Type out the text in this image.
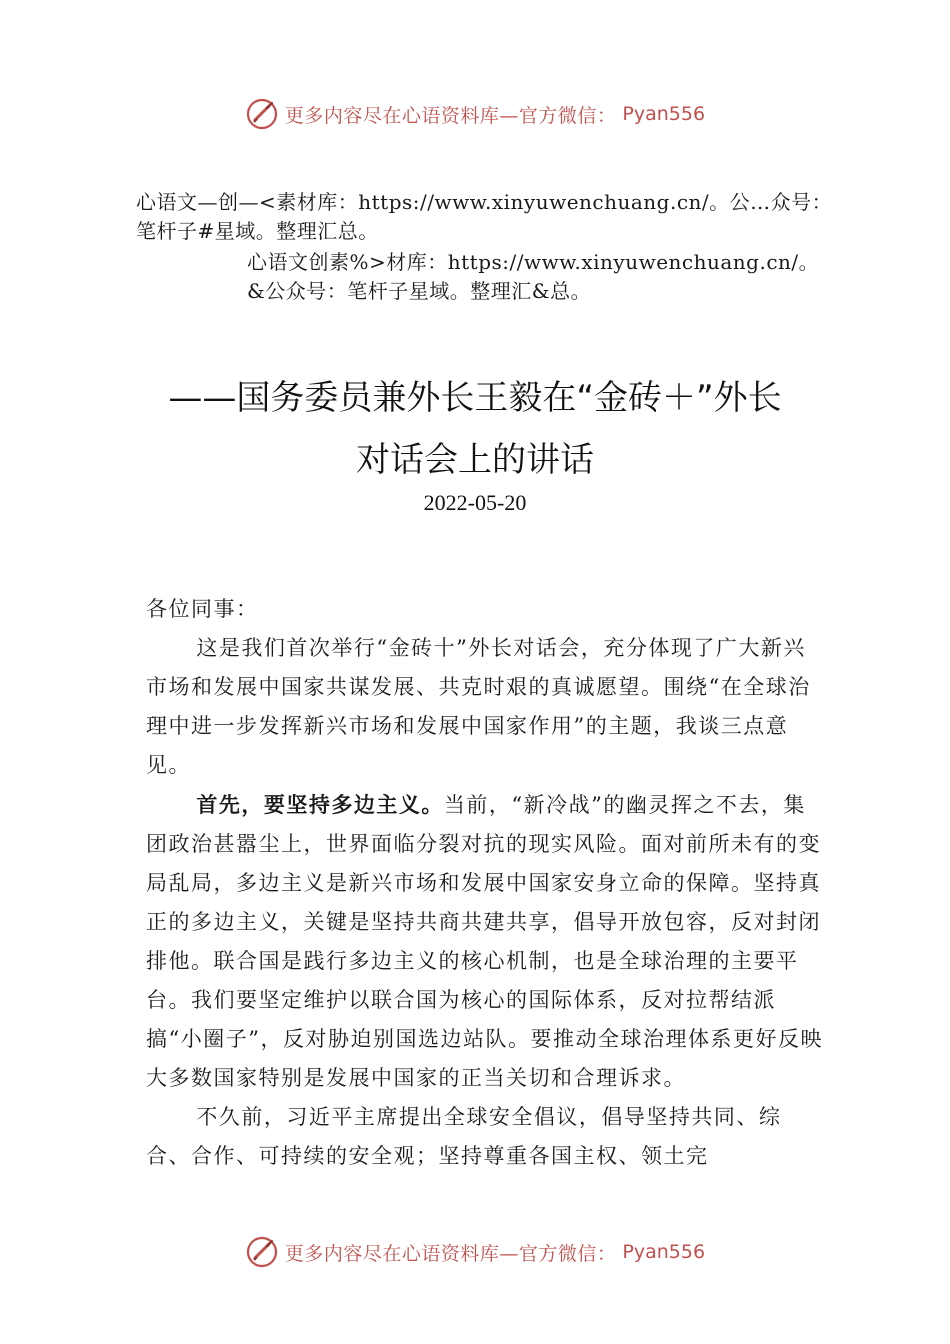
更多内容尽在心语资料库—官方微信： Pyan556
心语文—创—<素材库：https://www.xinyuwenchuang.cn/。公…众号：笔杆子#星域。整理汇总。
心语文创素%>材库：https://www.xinyuwenchuang.cn/。&公众号：笔杆子星域。整理汇&总。
——国务委员兼外长王毅在“金砖＋”外长
对话会上的讲话
2022-05-20

各位同事：

这是我们首次举行“金砖十”外长对话会，充分体现了广大新兴市场和发展中国家共谋发展、共克时艰的真诚愿望。围绕“在全球治理中进一步发挥新兴市场和发展中国家作用”的主题，我谈三点意见。

首先，要坚持多边主义。当前，“新冷战”的幽灵挥之不去，集团政治甚嚣尘上，世界面临分裂对抗的现实风险。面对前所未有的变局乱局，多边主义是新兴市场和发展中国家安身立命的保障。坚持真正的多边主义，关键是坚持共商共建共享，倡导开放包容，反对封闭排他。联合国是践行多边主义的核心机制，也是全球治理的主要平台。我们要坚定维护以联合国为核心的国际体系，反对拉帮结派搞“小圈子”，反对胁迫别国选边站队。要推动全球治理体系更好反映大多数国家特别是发展中国家的正当关切和合理诉求。

不久前，习近平主席提出全球安全倡议，倡导坚持共同、综合、合作、可持续的安全观；坚持尊重各国主权、领土完

更多内容尽在心语资料库—官方微信： Pyan556
